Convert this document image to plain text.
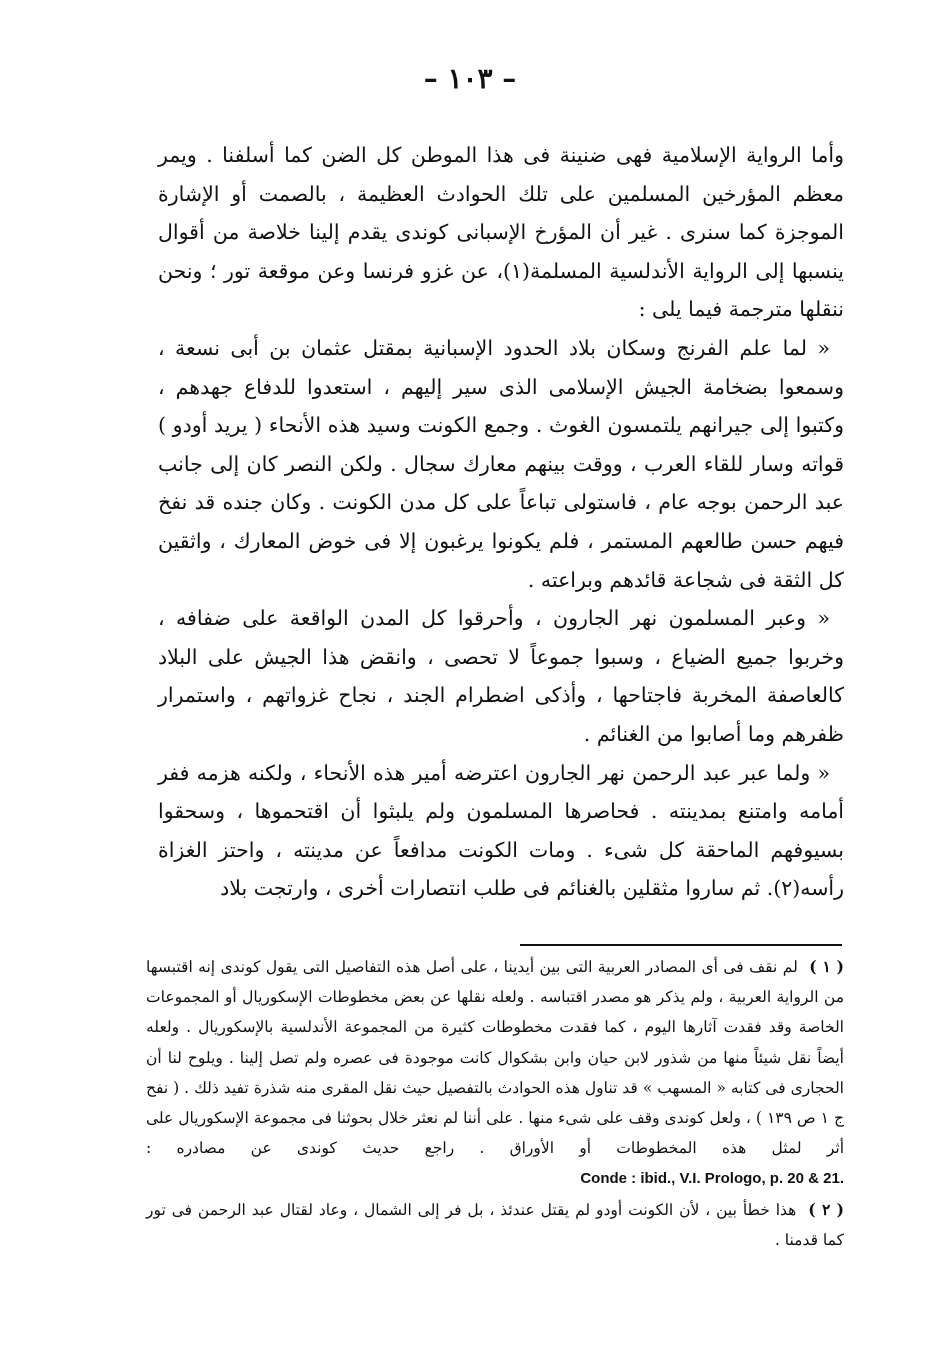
– ١٠٣ –

وأما الرواية الإسلامية فهى ضنينة فى هذا الموطن كل الضن كما أسلفنا . ويمر معظم المؤرخين المسلمين على تلك الحوادث العظيمة ، بالصمت أو الإشارة الموجزة كما سنرى . غير أن المؤرخ الإسبانى كوندى يقدم إلينا خلاصة من أقوال ينسبها إلى الرواية الأندلسية المسلمة(١)، عن غزو فرنسا وعن موقعة تور ؛ ونحن ننقلها مترجمة فيما يلى :

« لما علم الفرنج وسكان بلاد الحدود الإسبانية بمقتل عثمان بن أبى نسعة ، وسمعوا بضخامة الجيش الإسلامى الذى سير إليهم ، استعدوا للدفاع جهدهم ، وكتبوا إلى جيرانهم يلتمسون الغوث . وجمع الكونت وسيد هذه الأنحاء ( يريد أودو ) قواته وسار للقاء العرب ، ووقت بينهم معارك سجال . ولكن النصر كان إلى جانب عبد الرحمن بوجه عام ، فاستولى تباعاً على كل مدن الكونت . وكان جنده قد نفخ فيهم حسن طالعهم المستمر ، فلم يكونوا يرغبون إلا فى خوض المعارك ، واثقين كل الثقة فى شجاعة قائدهم وبراعته .

« وعبر المسلمون نهر الجارون ، وأحرقوا كل المدن الواقعة على ضفافه ، وخربوا جميع الضياع ، وسبوا جموعاً لا تحصى ، وانقض هذا الجيش على البلاد كالعاصفة المخربة فاجتاحها ، وأذكى اضطرام الجند ، نجاح غزواتهم ، واستمرار ظفرهم وما أصابوا من الغنائم .

« ولما عبر عبد الرحمن نهر الجارون اعترضه أمير هذه الأنحاء ، ولكنه هزمه ففر أمامه وامتنع بمدينته . فحاصرها المسلمون ولم يلبثوا أن اقتحموها ، وسحقوا بسيوفهم الماحقة كل شىء . ومات الكونت مدافعاً عن مدينته ، واحتز الغزاة رأسه(٢). ثم ساروا مثقلين بالغنائم فى طلب انتصارات أخرى ، وارتجت بلاد

( ١ ) لم نقف فى أى المصادر العربية التى بين أيدينا ، على أصل هذه التفاصيل التى يقول كوندى إنه اقتبسها من الرواية العربية ، ولم يذكر هو مصدر اقتباسه . ولعله نقلها عن بعض مخطوطات الإسكوريال أو المجموعات الخاصة وقد فقدت آثارها اليوم ، كما فقدت مخطوطات كثيرة من المجموعة الأندلسية بالإسكوريال . ولعله أيضاً نقل شيئاً منها من شذور لابن حيان وابن بشكوال كانت موجودة فى عصره ولم تصل إلينا . ويلوح لنا أن الحجارى فى كتابه « المسهب » قد تناول هذه الحوادث بالتفصيل حيث نقل المقرى منه شذرة تفيد ذلك . ( نفح ج ١ ص ١٣٩ ) ، ولعل كوندى وقف على شىء منها . على أننا لم نعثر خلال بحوثنا فى مجموعة الإسكوريال على أثر لمثل هذه المخطوطات أو الأوراق . راجع حديث كوندى عن مصادره : Conde : ibid., V.I. Prologo, p. 20 & 21.

( ٢ ) هذا خطأ بين ، لأن الكونت أودو لم يقتل عندئذ ، بل فر إلى الشمال ، وعاد لقتال عبد الرحمن فى تور كما قدمنا .
